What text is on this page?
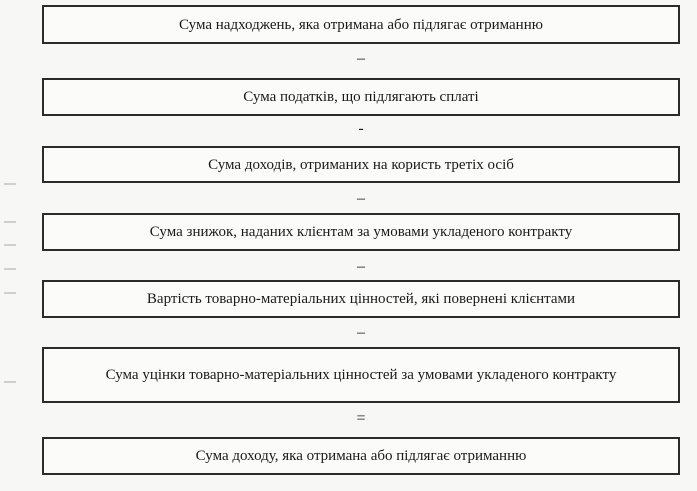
Сума надходжень, яка отримана або підлягає отриманню
–
Сума податків, що підлягають сплаті
-
Сума доходів, отриманих на користь третіх осіб
–
Сума знижок, наданих клієнтам за умовами укладеного контракту
–
Вартість товарно-матеріальних цінностей, які повернені клієнтами
–
Сума уцінки товарно-матеріальних цінностей за умовами укладеного контракту
=
Сума доходу, яка отримана або підлягає отриманню
